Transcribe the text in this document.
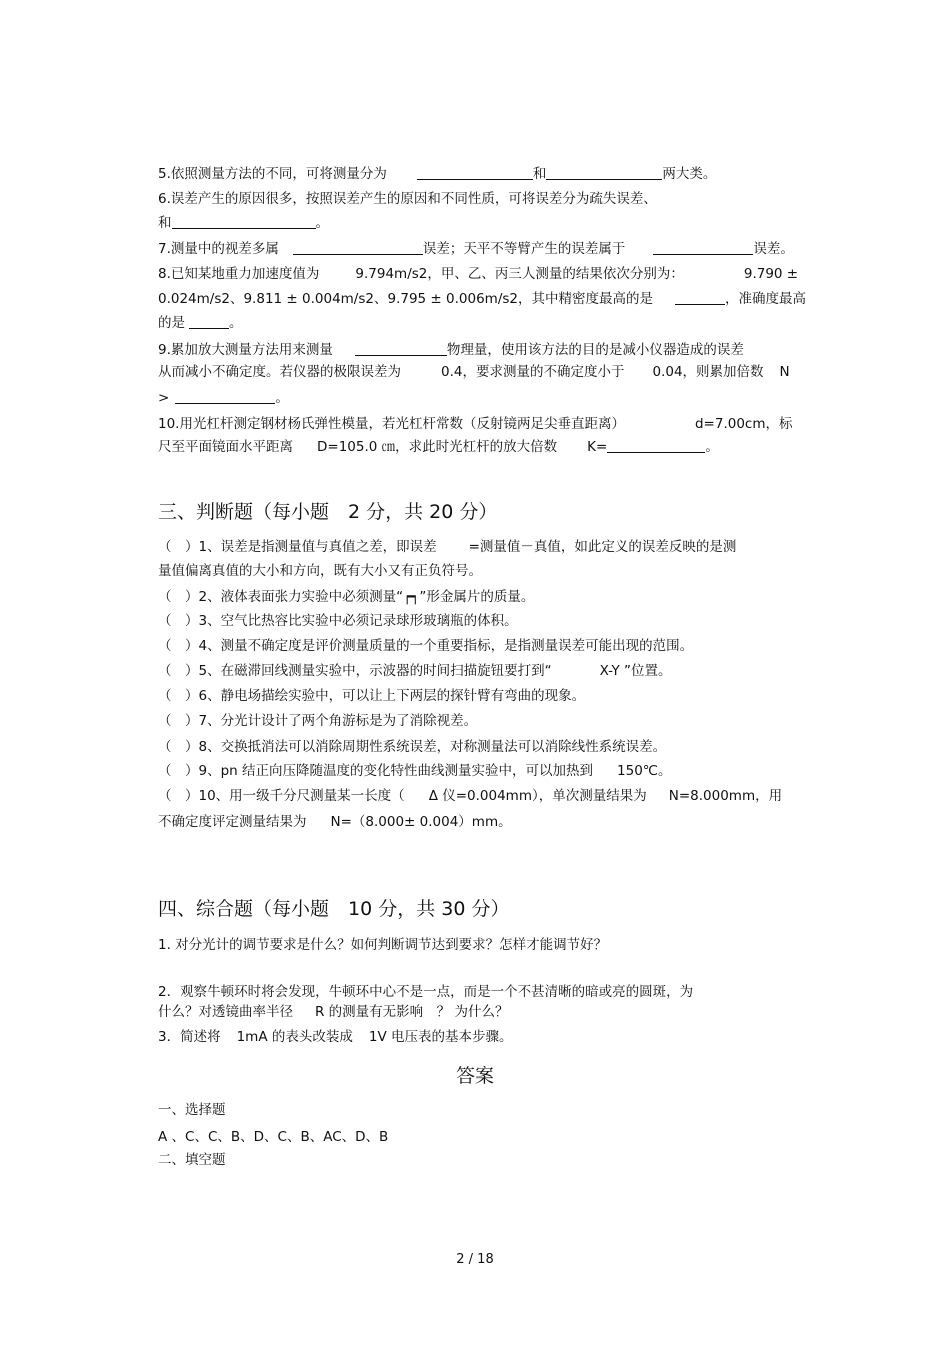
5.依照测量方法的不同，可将测量分为	和	两大类。
6.误差产生的原因很多，按照误差产生的原因和不同性质，可将误差分为疏失误差、
和	。
7.测量中的视差多属	误差；天平不等臂产生的误差属于	误差。
8.已知某地重力加速度值为	9.794m/s2，甲、乙、丙三人测量的结果依次分别为：	9.790 ±
0.024m/s2、9.811 ± 0.004m/s2、9.795 ± 0.006m/s2，其中精密度最高的是	，准确度最高
的是	。
9.累加放大测量方法用来测量	物理量，使用该方法的目的是减小仪器造成的误差
从而减小不确定度。若仪器的极限误差为	0.4，要求测量的不确定度小于 0.04，则累加倍数 N
>	。
10.用光杠杆测定钢材杨氏弹性模量，若光杠杆常数（反射镜两足尖垂直距离）	d=7.00cm，标
尺至平面镜面水平距离 D=105.0 ㎝，求此时光杠杆的放大倍数 K=	。
三、判断题（每小题　2 分，共 20 分）
（　）1、误差是指测量值与真值之差，即误差 =测量值－真值，如此定义的误差反映的是测
量值偏离真值的大小和方向，既有大小又有正负符号。
（　）2、液体表面张力实验中必须测量“┍┑”形金属片的质量。
（　）3、空气比热容比实验中必须记录球形玻璃瓶的体积。
（　）4、测量不确定度是评价测量质量的一个重要指标，是指测量误差可能出现的范围。
（　）5、在磁滞回线测量实验中，示波器的时间扫描旋钮要打到“	X-Y ”位置。
（　）6、静电场描绘实验中，可以让上下两层的探针臂有弯曲的现象。
（　）7、分光计设计了两个角游标是为了消除视差。
（　）8、交换抵消法可以消除周期性系统误差，对称测量法可以消除线性系统误差。
（　）9、pn 结正向压降随温度的变化特性曲线测量实验中，可以加热到 150℃。
（　）10、用一级千分尺测量某一长度（ Δ 仪=0.004mm），单次测量结果为 N=8.000mm，用
不确定度评定测量结果为 N=（8.000± 0.004）mm。
四、综合题（每小题　10 分，共 30 分）
1. 对分光计的调节要求是什么？如何判断调节达到要求？怎样才能调节好？
2．观察牛顿环时将会发现，牛顿环中心不是一点，而是一个不甚清晰的暗或亮的圆斑，为
什么？对透镜曲率半径 R 的测量有无影响　？ 为什么？
3．简述将 1mA 的表头改装成 1V 电压表的基本步骤。
答案
一、选择题
A 、C、C、B、D、C、B、AC、D、B
二、填空题
2 / 18
